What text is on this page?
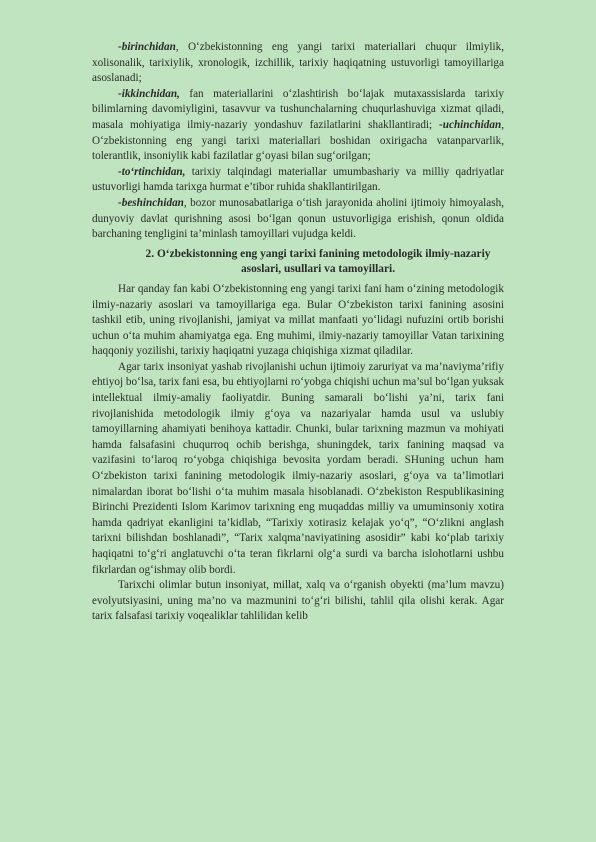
-birinchidan, O‘zbekistonning eng yangi tarixi materiallari chuqur ilmiylik, xolisonalik, tarixiylik, xronologik, izchillik, tarixiy haqiqatning ustuvorligi tamoyillariga asoslanadi;

-ikkinchidan, fan materiallarini o‘zlashtirish bo‘lajak mutaxassislarda tarixiy bilimlarning davomiyligini, tasavvur va tushunchalarning chuqurlashuviga xizmat qiladi, masala mohiyatiga ilmiy-nazariy yondashuv fazilatlarini shakllantiradi; -uchinchidan, O‘zbekistonning eng yangi tarixi materiallari boshidan oxirigacha vatanparvarlik, tolerantlik, insoniylik kabi fazilatlar g‘oyasi bilan sug‘orilgan;

-to‘rtinchidan, tarixiy talqindagi materiallar umumbashariy va milliy qadriyatlar ustuvorligi hamda tarixga hurmat e’tibor ruhida shakllantirilgan.

-beshinchidan, bozor munosabatlariga o‘tish jarayonida aholini ijtimoiy himoyalash, dunyoviy davlat qurishning asosi bo‘lgan qonun ustuvorligiga erishish, qonun oldida barchaning tengligini ta’minlash tamoyillari vujudga keldi.

2. O‘zbekistonning eng yangi tarixi fanining metodologik ilmiy-nazariy asoslari, usullari va tamoyillari.

Har qanday fan kabi O‘zbekistonning eng yangi tarixi fani ham o‘zining metodologik ilmiy-nazariy asoslari va tamoyillariga ega. Bular O‘zbekiston tarixi fanining asosini tashkil etib, uning rivojlanishi, jamiyat va millat manfaati yo‘lidagi nufuzini ortib borishi uchun o‘ta muhim ahamiyatga ega. Eng muhimi, ilmiy-nazariy tamoyillar Vatan tarixining haqqoniy yozilishi, tarixiy haqiqatni yuzaga chiqishiga xizmat qiladilar.

Agar tarix insoniyat yashab rivojlanishi uchun ijtimoiy zaruriyat va ma’naviyma’rifiy ehtiyoj bo‘lsa, tarix fani esa, bu ehtiyojlarni ro‘yobga chiqishi uchun ma’sul bo‘lgan yuksak intellektual ilmiy-amaliy faoliyatdir. Buning samarali bo‘lishi ya’ni, tarix fani rivojlanishida metodologik ilmiy g‘oya va nazariyalar hamda usul va uslubiy tamoyillarning ahamiyati benihoya kattadir. Chunki, bular tarixning mazmun va mohiyati hamda falsafasini chuqurroq ochib berishga, shuningdek, tarix fanining maqsad va vazifasini to‘laroq ro‘yobga chiqishiga bevosita yordam beradi. SHuning uchun ham O‘zbekiston tarixi fanining metodologik ilmiy-nazariy asoslari, g‘oya va ta’limotlari nimalardan iborat bo‘lishi o‘ta muhim masala hisoblanadi. O‘zbekiston Respublikasining Birinchi Prezidenti Islom Karimov tarixning eng muqaddas milliy va umuminsoniy xotira hamda qadriyat ekanligini ta’kidlab, “Tarixiy xotirasiz kelajak yo‘q”, “O‘zlikni anglash tarixni bilishdan boshlanadi”, “Tarix xalqma’naviyatining asosidir” kabi ko‘plab tarixiy haqiqatni to‘g‘ri anglatuvchi o‘ta teran fikrlarni olg‘a surdi va barcha islohotlarni ushbu fikrlardan og‘ishmay olib bordi.

Tarixchi olimlar butun insoniyat, millat, xalq va o‘rganish obyekti (ma’lum mavzu) evolyutsiyasini, uning ma’no va mazmunini to‘g‘ri bilishi, tahlil qila olishi kerak. Agar tarix falsafasi tarixiy voqealiklar tahlilidan kelib
